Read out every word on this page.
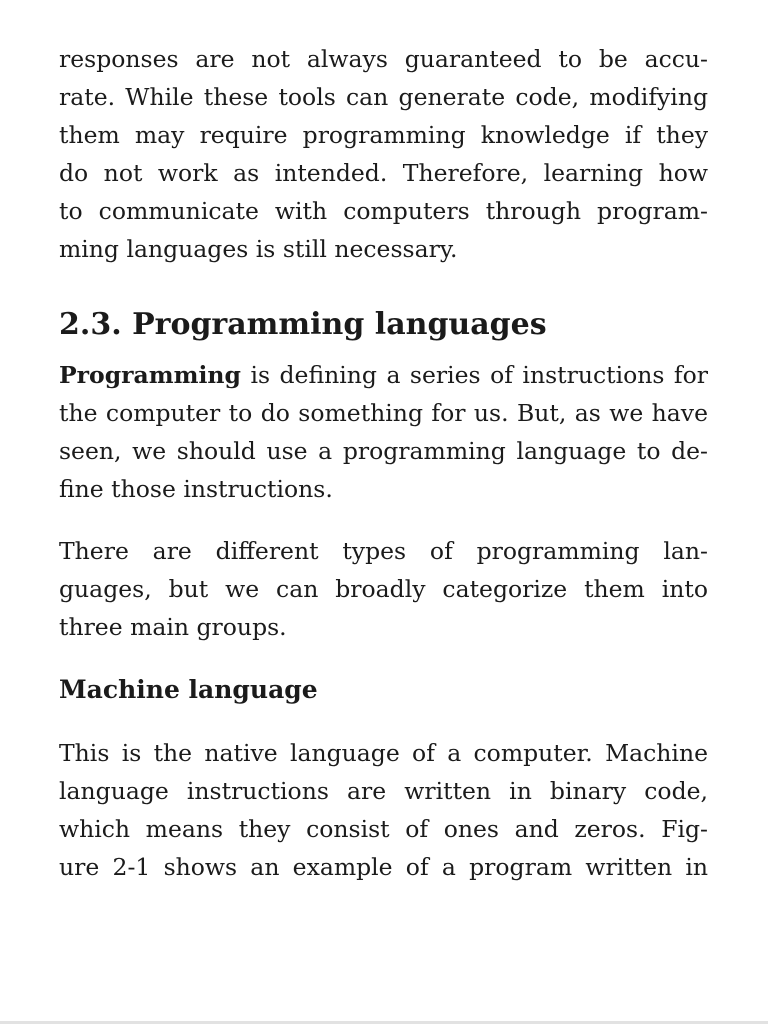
responses are not always guaranteed to be accu-
rate. While these tools can generate code, modifying
them may require programming knowledge if they
do not work as intended. Therefore, learning how
to communicate with computers through program-
ming languages is still necessary.

2.3. Programming languages

Programming is defining a series of instructions for
the computer to do something for us. But, as we have
seen, we should use a programming language to de-
fine those instructions.

There are different types of programming lan-
guages, but we can broadly categorize them into
three main groups.

Machine language

This is the native language of a computer. Machine
language instructions are written in binary code,
which means they consist of ones and zeros. Fig-
ure 2-1 shows an example of a program written in
